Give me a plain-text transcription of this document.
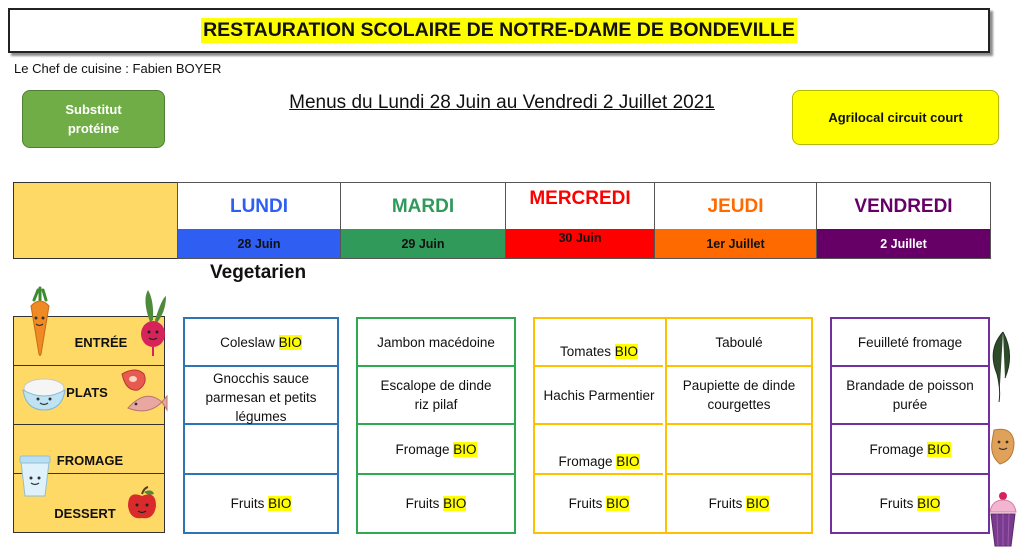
RESTAURATION SCOLAIRE DE NOTRE-DAME DE BONDEVILLE
Le Chef de cuisine : Fabien BOYER
Substitut
protéine
Menus du Lundi 28 Juin au Vendredi 2 Juillet 2021
Agrilocal circuit court
LUNDI
28 Juin
MARDI
29 Juin
MERCREDI
30 Juin
JEUDI
1er Juillet
VENDREDI
2 Juillet
Vegetarien
ENTRÉE
PLATS
FROMAGE
DESSERT
Coleslaw BIO
Gnocchis sauce parmesan et petits légumes
Fruits BIO
Jambon macédoine
Escalope de dinde
riz pilaf
Fromage BIO
Fruits BIO
Tomates BIO
Hachis Parmentier
Fromage BIO
Fruits BIO
Taboulé
Paupiette de dinde
courgettes
Fruits BIO
Feuilleté fromage
Brandade de poisson
purée
Fromage BIO
Fruits BIO
